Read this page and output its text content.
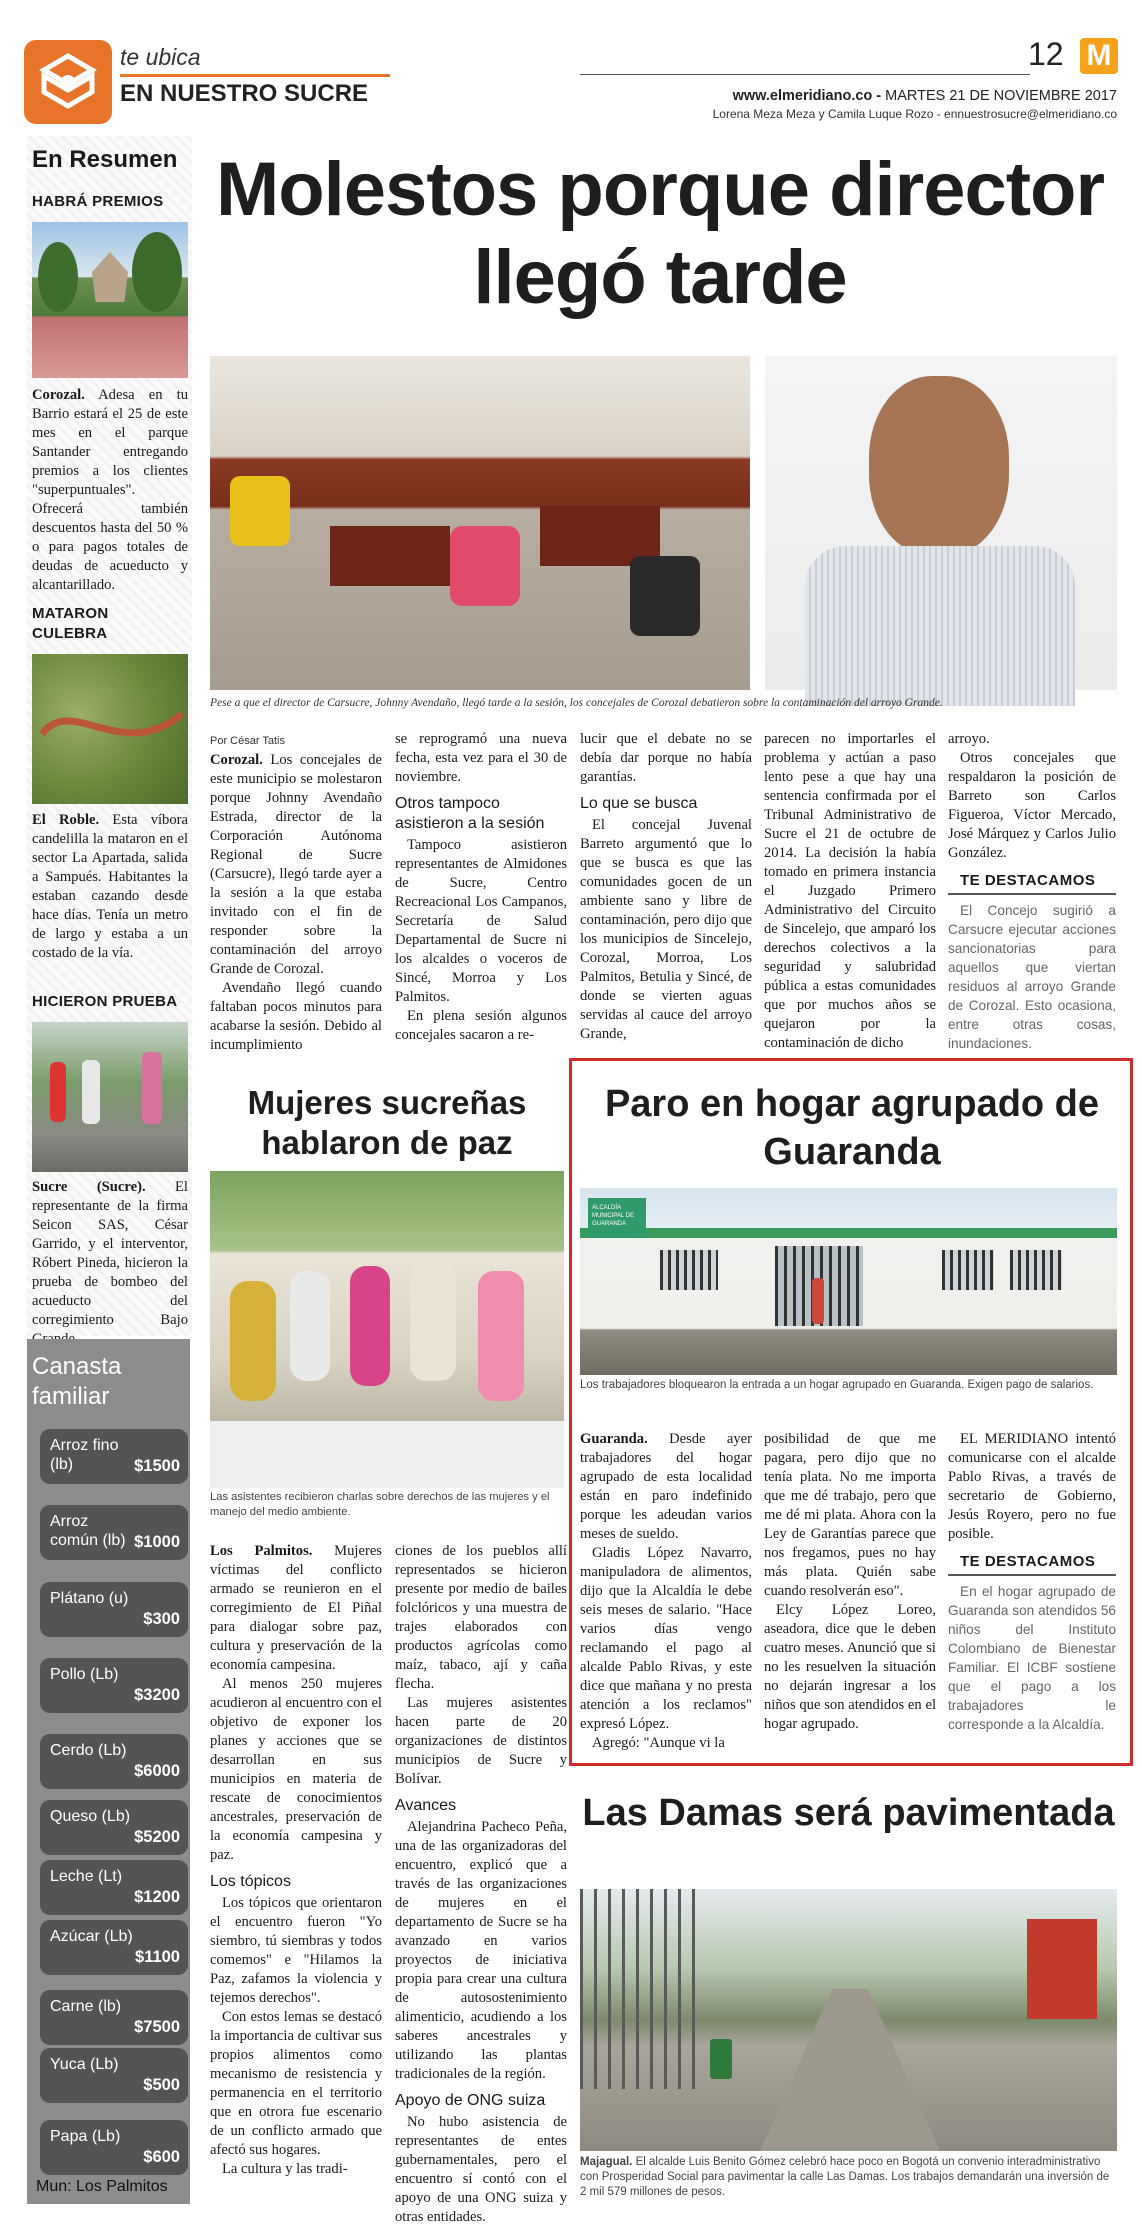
te ubica
EN NUESTRO SUCRE
12 M
www.elmeridiano.co - MARTES 21 DE NOVIEMBRE 2017
Lorena Meza Meza y Camila Luque Rozo - ennuestrosucre@elmeridiano.co
En Resumen
HABRÁ PREMIOS
Corozal. Adesa en tu Barrio estará el 25 de este mes en el parque Santander entregando premios a los clientes "superpuntuales". Ofrecerá también descuentos hasta del 50 % o para pagos totales de deudas de acueducto y alcantarillado.
MATARON CULEBRA
El Roble. Esta víbora candelilla la mataron en el sector La Apartada, salida a Sampués. Habitantes la estaban cazando desde hace días. Tenía un metro de largo y estaba a un costado de la vía.
HICIERON PRUEBA
Sucre (Sucre). El representante de la firma Seicon SAS, César Garrido, y el interventor, Róbert Pineda, hicieron la prueba de bombeo del acueducto del corregimiento Bajo
Canasta familiar
Arroz fino (lb)	$1500
Arroz común (lb) $1000
Plátano (u)
$300
Pollo (Lb)
$3200
Cerdo (Lb)
$6000
Queso (Lb)
$5200
Leche (Lt)
$1200
Azúcar (Lb)
$1100
Carne (lb)
$7500
Yuca (Lb)
$500
Papa (Lb)
$600
Mun: Los Palmitos
Molestos porque director llegó tarde
Pese a que el director de Carsucre, Johnny Avendaño, llegó tarde a la sesión, los concejales de Corozal debatieron sobre la contaminación del arroyo Grande.

Por César Tatis

Corozal. Los concejales de este municipio se molestaron porque Johnny Avendaño Estrada, director de la Corporación Autónoma Regional de Sucre (Carsucre), llegó tarde ayer a la sesión a la que estaba invitado con el fin de responder sobre la contaminación del arroyo Grande de Corozal.

Avendaño llegó cuando faltaban pocos minutos para acabarse la sesión. Debido al incumplimiento

se reprogramó una nueva fecha, esta vez para el 30 de noviembre.

Otros tampoco asistieron a la sesión

Tampoco asistieron representantes de Almidones de Sucre, Centro Recreacional Los Campanos, Secretaría de Salud Departamental de Sucre ni los alcaldes o voceros de Sincé, Morroa y Los Palmitos.

En plena sesión algunos concejales sacaron a re-

lucir que el debate no se debía dar porque no había garantías.

Lo que se busca

El concejal Juvenal Barreto argumentó que lo que se busca es que las comunidades gocen de un ambiente sano y libre de contaminación, pero dijo que los municipios de Sincelejo, Corozal, Morroa, Los Palmitos, Betulia y Sincé, de donde se vierten aguas servidas al cauce del arroyo Grande,

parecen no importarles el problema y actúan a paso lento pese a que hay una sentencia confirmada por el Tribunal Administrativo de Sucre el 21 de octubre de 2014. La decisión la había tomado en primera instancia el Juzgado Primero Administrativo del Circuito de Sincelejo, que amparó los derechos colectivos a la seguridad y salubridad pública a estas comunidades que por muchos años se quejaron por la contaminación de dicho

arroyo.

Otros concejales que respaldaron la posición de Barreto son Carlos Figueroa, Víctor Mercado, José Márquez y Carlos Julio González.

TE DESTACAMOS

El Concejo sugirió a Carsucre ejecutar acciones sancionatorias para aquellos que viertan residuos al arroyo Grande de Corozal. Esto ocasiona, entre otras cosas, inundaciones.

Mujeres sucreñas hablaron de paz
Las asistentes recibieron charlas sobre derechos de las mujeres y el manejo del medio ambiente.

Los Palmitos. Mujeres víctimas del conflicto armado se reunieron en el corregimiento de El Piñal para dialogar sobre paz, cultura y preservación de la economía campesina.

Al menos 250 mujeres acudieron al encuentro con el objetivo de exponer los planes y acciones que se desarrollan en sus municipios en materia de rescate de conocimientos ancestrales, preservación de la economía campesina y paz.

Los tópicos

Los tópicos que orientaron el encuentro fueron "Yo siembro, tú siembras y todos comemos" e "Hilamos la Paz, zafamos la violencia y tejemos derechos".

Con estos lemas se destacó la importancia de cultivar sus propios alimentos como mecanismo de resistencia y permanencia en el territorio que en otrora fue escenario de un conflicto armado que afectó sus hogares.

La cultura y las tradi-

ciones de los pueblos allí representados se hicieron presente por medio de bailes folclóricos y una muestra de trajes elaborados con productos agrícolas como maíz, tabaco, ají y caña flecha.

Las mujeres asistentes hacen parte de 20 organizaciones de distintos municipios de Sucre y Bolívar.

Avances

Alejandrina Pacheco Peña, una de las organizadoras del encuentro, explicó que a través de las organizaciones de mujeres en el departamento de Sucre se ha avanzado en varios proyectos de iniciativa propia para crear una cultura de autosostenimiento alimenticio, acudiendo a los saberes ancestrales y utilizando las plantas tradicionales de la región.

Apoyo de ONG suiza

No hubo asistencia de representantes de entes gubernamentales, pero el encuentro sí contó con el apoyo de una ONG suiza y otras entidades.

Paro en hogar agrupado de Guaranda
ALCALDÍA MUNICIPAL DE GUARANDA
Los trabajadores bloquearon la entrada a un hogar agrupado en Guaranda. Exigen pago de salarios.

Guaranda. Desde ayer trabajadores del hogar agrupado de esta localidad están en paro indefinido porque les adeudan varios meses de sueldo.

Gladis López Navarro, manipuladora de alimentos, dijo que la Alcaldía le debe seis meses de salario. "Hace varios días vengo reclamando el pago al alcalde Pablo Rivas, y este dice que mañana y no presta atención a los reclamos" expresó López.

Agregó: "Aunque vi la

posibilidad de que me pagara, pero dijo que no tenía plata. No me importa que me dé trabajo, pero que me dé mi plata. Ahora con la Ley de Garantías parece que nos fregamos, pues no hay más plata. Quién sabe cuando resolverán eso".

Elcy López Loreo, aseadora, dice que le deben cuatro meses. Anunció que si no les resuelven la situación no dejarán ingresar a los niños que son atendidos en el hogar agrupado.

EL MERIDIANO intentó comunicarse con el alcalde Pablo Rivas, a través de secretario de Gobierno, Jesús Royero, pero no fue posible.

TE DESTACAMOS

En el hogar agrupado de Guaranda son atendidos 56 niños del Instituto Colombiano de Bienestar Familiar. El ICBF sostiene que el pago a los trabajadores le corresponde a la Alcaldía.

Las Damas será pavimentada
Majagual. El alcalde Luis Benito Gómez celebró hace poco en Bogotá un convenio interadministrativo con Prosperidad Social para pavimentar la calle Las Damas. Los trabajos demandarán una inversión de 2 mil 579 millones de pesos.
